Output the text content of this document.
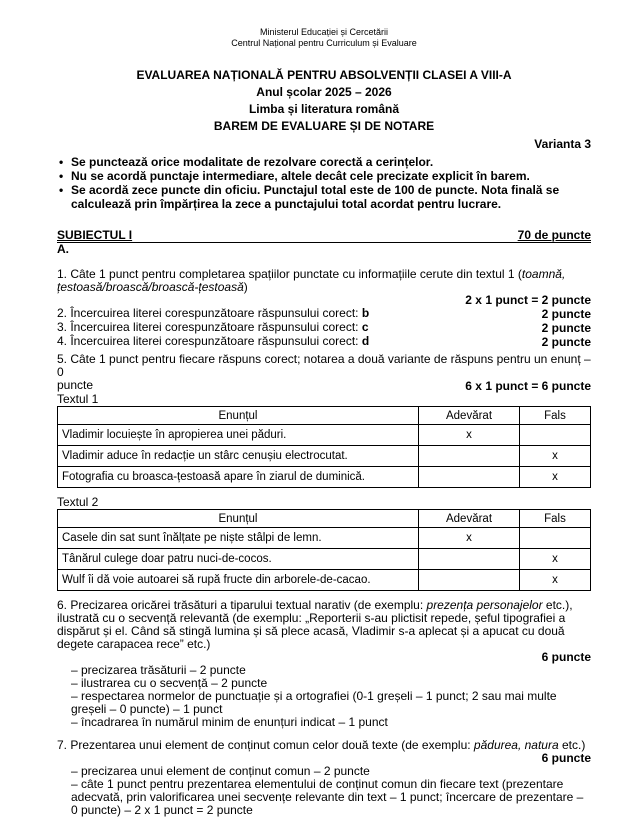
Ministerul Educației și Cercetării
Centrul Național pentru Curriculum și Evaluare
EVALUAREA NAȚIONALĂ PENTRU ABSOLVENȚII CLASEI A VIII-A
Anul școlar 2025 – 2026
Limba și literatura română
BAREM DE EVALUARE ȘI DE NOTARE
Varianta 3
• Se punctează orice modalitate de rezolvare corectă a cerințelor.
• Nu se acordă punctaje intermediare, altele decât cele precizate explicit în barem.
• Se acordă zece puncte din oficiu. Punctajul total este de 100 de puncte. Nota finală se calculează prin împărțirea la zece a punctajului total acordat pentru lucrare.
SUBIECTUL I	70 de puncte
A.

1. Câte 1 punct pentru completarea spațiilor punctate cu informațiile cerute din textul 1 (toamnă, țestoasă/broască/broască-țestoasă)

2 x 1 punct = 2 puncte

2. Încercuirea literei corespunzătoare răspunsului corect: b	2 puncte

3. Încercuirea literei corespunzătoare răspunsului corect: c	2 puncte

4. Încercuirea literei corespunzătoare răspunsului corect: d	2 puncte

5. Câte 1 punct pentru fiecare răspuns corect; notarea a două variante de răspuns pentru un enunț – 0

puncte	6 x 1 punct = 6 puncte
Textul 1
Enunțul	Adevărat	Fals
Vladimir locuiește în apropierea unei păduri.	x	
Vladimir aduce în redacție un stârc cenușiu electrocutat.		x
Fotografia cu broasca-țestoasă apare în ziarul de duminică.		x
Textul 2
Enunțul	Adevărat	Fals
Casele din sat sunt înălțate pe niște stâlpi de lemn.	x	
Tânărul culege doar patru nuci-de-cocos.		x
Wulf îi dă voie autoarei să rupă fructe din arborele-de-cacao.		x

6. Precizarea oricărei trăsături a tiparului textual narativ (de exemplu: prezența personajelor etc.), ilustrată cu o secvență relevantă (de exemplu: „Reporterii s-au plictisit repede, șeful tipografiei a dispărut și el. Când să stingă lumina și să plece acasă, Vladimir s-a aplecat și a apucat cu două degete carapacea rece” etc.)

6 puncte

– precizarea trăsăturii – 2 puncte

– ilustrarea cu o secvență – 2 puncte

– respectarea normelor de punctuație și a ortografiei (0-1 greșeli – 1 punct; 2 sau mai multe greșeli – 0 puncte) – 1 punct

– încadrarea în numărul minim de enunțuri indicat – 1 punct

7. Prezentarea unui element de conținut comun celor două texte (de exemplu: pădurea, natura etc.)

6 puncte

– precizarea unui element de conținut comun – 2 puncte

– câte 1 punct pentru prezentarea elementului de conținut comun din fiecare text (prezentare adecvată, prin valorificarea unei secvențe relevante din text – 1 punct; încercare de prezentare – 0 puncte) – 2 x 1 punct = 2 puncte
